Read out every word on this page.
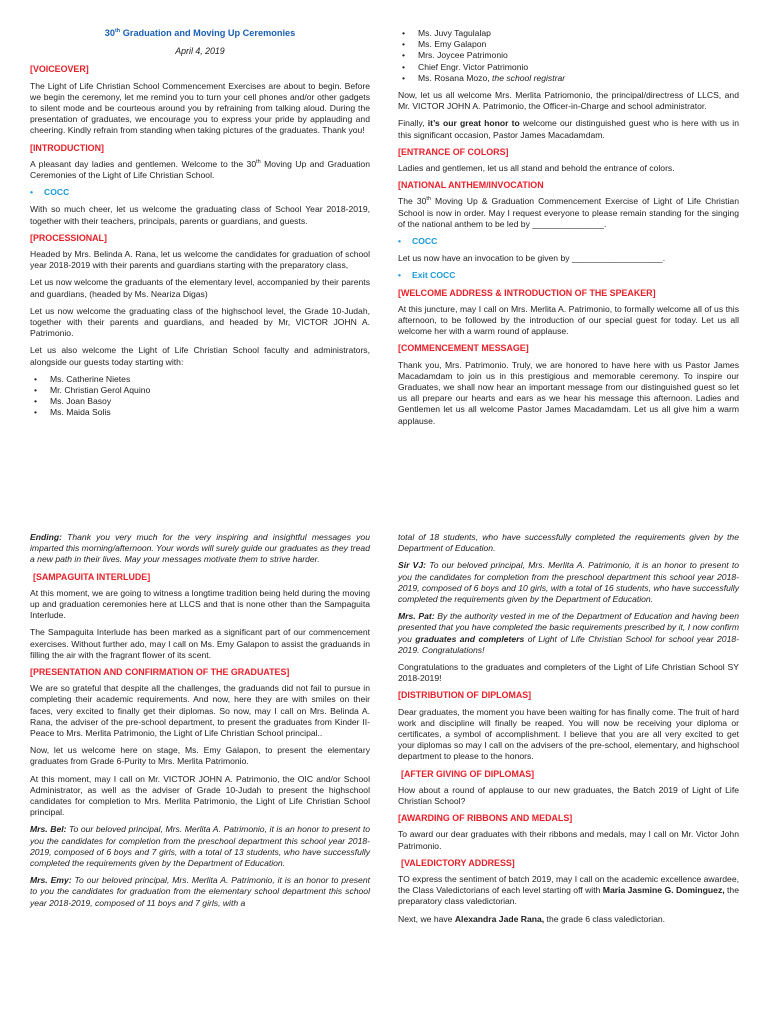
30th Graduation and Moving Up Ceremonies
April 4, 2019
[VOICEOVER]

The Light of Life Christian School Commencement Exercises are about to begin. Before we begin the ceremony, let me remind you to turn your cell phones and/or other gadgets to silent mode and be courteous around you by refraining from talking aloud. During the presentation of graduates, we encourage you to express your pride by applauding and cheering. Kindly refrain from standing when taking pictures of the graduates. Thank you!

[INTRODUCTION]

A pleasant day ladies and gentlemen. Welcome to the 30th Moving Up and Graduation Ceremonies of the Light of Life Christian School.

• COCC

With so much cheer, let us welcome the graduating class of School Year 2018-2019, together with their teachers, principals, parents or guardians, and guests.

[PROCESSIONAL]

Headed by Mrs. Belinda A. Rana, let us welcome the candidates for graduation of school year 2018-2019 with their parents and guardians starting with the preparatory class,

Let us now welcome the graduants of the elementary level, accompanied by their parents and guardians, (headed by Ms. Neariza Digas)

Let us now welcome the graduating class of the highschool level, the Grade 10-Judah, together with their parents and guardians, and headed by Mr, VICTOR JOHN A. Patrimonio.

Let us also welcome the Light of Life Christian School faculty and administrators, alongside our guests today starting with:

• Ms. Catherine Nietes
• Mr. Christian Gerol Aquino
• Ms. Joan Basoy
• Ms. Maida Solis
• Ms. Juvy Tagulalap
• Ms. Emy Galapon
• Mrs. Joycee Patrimonio
• Chief Engr. Victor Patrimonio
• Ms. Rosana Mozo, the school registrar

Now, let us all welcome Mrs. Merlita Patriomonio, the principal/directress of LLCS, and Mr. VICTOR JOHN A. Patrimonio, the Officer-in-Charge and school administrator.

Finally, it’s our great honor to welcome our distinguished guest who is here with us in this significant occasion, Pastor James Macadamdam.

[ENTRANCE OF COLORS]

Ladies and gentlemen, let us all stand and behold the entrance of colors.

[NATIONAL ANTHEM/INVOCATION

The 30th Moving Up & Graduation Commencement Exercise of Light of Life Christian School is now in order. May I request everyone to please remain standing for the singing of the national anthem to be led by _______________.

• COCC

Let us now have an invocation to be given by ___________________.

• Exit COCC
[WELCOME ADDRESS & INTRODUCTION OF THE SPEAKER]

At this juncture, may I call on Mrs. Merlita A. Patrimonio, to formally welcome all of us this afternoon, to be followed by the introduction of our special guest for today. Let us all welcome her with a warm round of applause.

[COMMENCEMENT MESSAGE]

Thank you, Mrs. Patrimonio. Truly, we are honored to have here with us Pastor James Macadamdam to join us in this prestigious and memorable ceremony. To inspire our Graduates, we shall now hear an important message from our distinguished guest so let us all prepare our hearts and ears as we hear his message this afternoon. Ladies and Gentlemen let us all welcome Pastor James Macadamdam. Let us all give him a warm applause.

Ending: Thank you very much for the very inspiring and insightful messages you imparted this morning/afternoon. Your words will surely guide our graduates as they tread a new path in their lives. May your messages motivate them to strive harder.

[SAMPAGUITA INTERLUDE]

At this moment, we are going to witness a longtime tradition being held during the moving up and graduation ceremonies here at LLCS and that is none other than the Sampaguita Interlude.

The Sampaguita Interlude has been marked as a significant part of our commencement exercises. Without further ado, may I call on Ms. Emy Galapon to assist the graduands in filling the air with the fragrant flower of its scent.

[PRESENTATION AND CONFIRMATION OF THE GRADUATES]

We are so grateful that despite all the challenges, the graduands did not fail to pursue in completing their academic requirements. And now, here they are with smiles on their faces, very excited to finally get their diplomas. So now, may I call on Mrs. Belinda A. Rana, the adviser of the pre-school department, to present the graduates from Kinder II-Peace to Mrs. Merlita Patrimonio, the Light of Life Christian School principal..

Now, let us welcome here on stage, Ms. Emy Galapon, to present the elementary graduates from Grade 6-Purity to Mrs. Merlita Patrimonio.

At this moment, may I call on Mr. VICTOR JOHN A. Patrimonio, the OIC and/or School Administrator, as well as the adviser of Grade 10-Judah to present the highschool candidates for completion to Mrs. Merlita Patrimonio, the Light of Life Christian School principal.

Mrs. Bel: To our beloved principal, Mrs. Merlita A. Patrimonio, it is an honor to present to you the candidates for completion from the preschool department this school year 2018-2019, composed of 6 boys and 7 girls, with a total of 13 students, who have successfully completed the requirements given by the Department of Education.

Mrs. Emy: To our beloved principal, Mrs. Merlita A. Patrimonio, it is an honor to present to you the candidates for graduation from the elementary school department this school year 2018-2019, composed of 11 boys and 7 girls, with a

total of 18 students, who have successfully completed the requirements given by the Department of Education.

Sir VJ: To our beloved principal, Mrs. Merlita A. Patrimonio, it is an honor to present to you the candidates for completion from the preschool department this school year 2018-2019, composed of 6 boys and 10 girls, with a total of 16 students, who have successfully completed the requirements given by the Department of Education.

Mrs. Pat: By the authority vested in me of the Department of Education and having been presented that you have completed the basic requirements prescribed by it, I now confirm you graduates and completers of Light of Life Christian School for school year 2018-2019. Congratulations!

Congratulations to the graduates and completers of the Light of Life Christian School SY 2018-2019!

[DISTRIBUTION OF DIPLOMAS]

Dear graduates, the moment you have been waiting for has finally come. The fruit of hard work and discipline will finally be reaped. You will now be receiving your diploma or certificates, a symbol of accomplishment. I believe that you are all very excited to get your diplomas so may I call on the advisers of the pre-school, elementary, and highschool department to please to the honors.

[AFTER GIVING OF DIPLOMAS]

How about a round of applause to our new graduates, the Batch 2019 of Light of Life Christian School?

[AWARDING OF RIBBONS AND MEDALS]

To award our dear graduates with their ribbons and medals, may I call on Mr. Victor John Patrimonio.

[VALEDICTORY ADDRESS]

TO express the sentiment of batch 2019, may I call on the academic excellence awardee, the Class Valedictorians of each level starting off with Maria Jasmine G. Dominguez, the preparatory class valedictorian.

Next, we have Alexandra Jade Rana, the grade 6 class valedictorian.
